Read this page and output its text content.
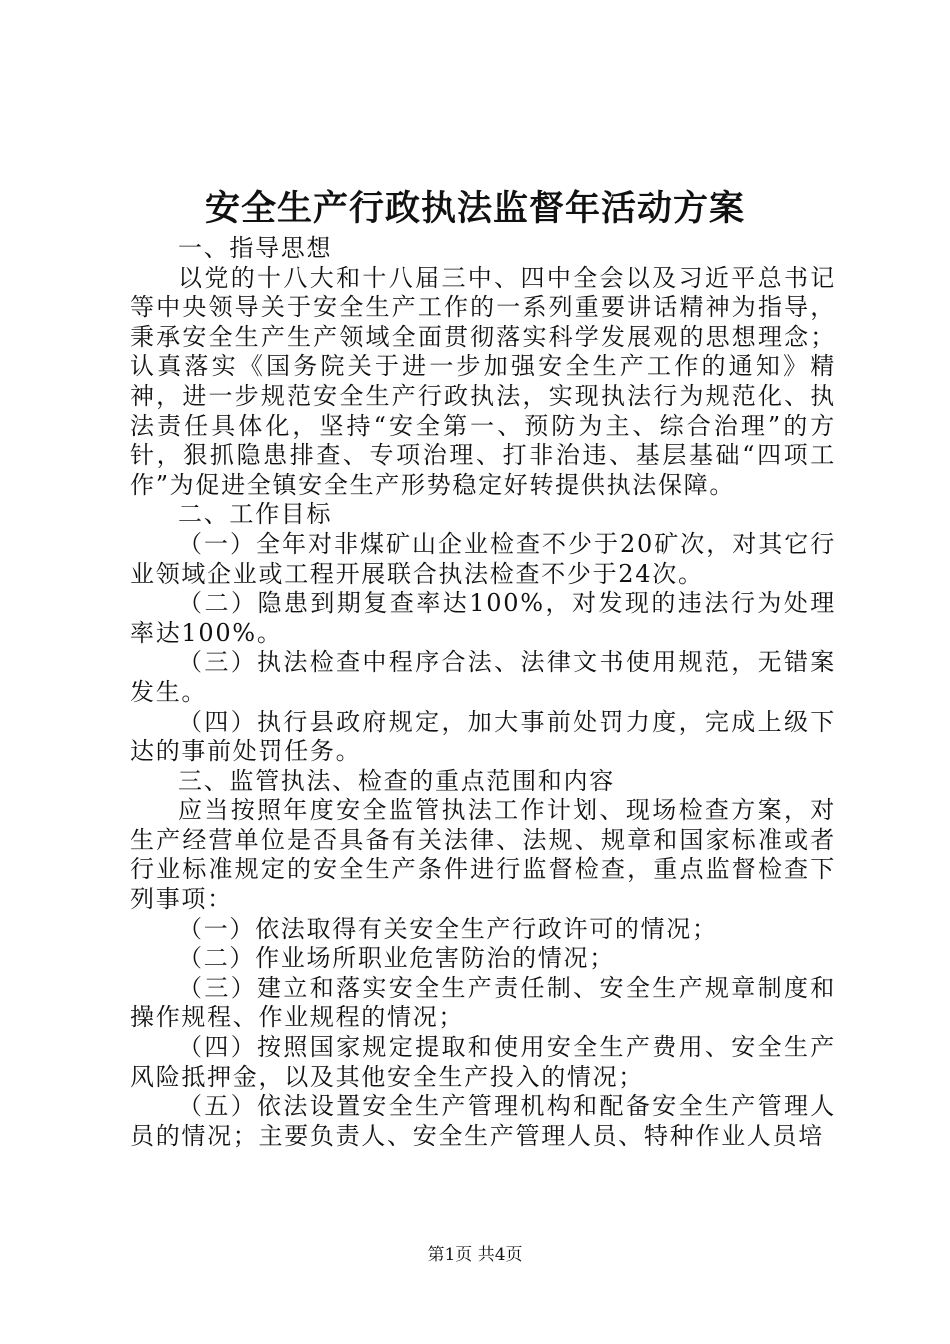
安全生产行政执法监督年活动方案

一、指导思想

以党的十八大和十八届三中、四中全会以及习近平总书记等中央领导关于安全生产工作的一系列重要讲话精神为指导，秉承安全生产生产领域全面贯彻落实科学发展观的思想理念；认真落实《国务院关于进一步加强安全生产工作的通知》精神，进一步规范安全生产行政执法，实现执法行为规范化、执法责任具体化，坚持“安全第一、预防为主、综合治理”的方针，狠抓隐患排查、专项治理、打非治违、基层基础“四项工作”为促进全镇安全生产形势稳定好转提供执法保障。

二、工作目标

（一）全年对非煤矿山企业检查不少于20矿次，对其它行业领域企业或工程开展联合执法检查不少于24次。

（二）隐患到期复查率达100%，对发现的违法行为处理率达100%。

（三）执法检查中程序合法、法律文书使用规范，无错案发生。

（四）执行县政府规定，加大事前处罚力度，完成上级下达的事前处罚任务。

三、监管执法、检查的重点范围和内容

应当按照年度安全监管执法工作计划、现场检查方案，对生产经营单位是否具备有关法律、法规、规章和国家标准或者行业标准规定的安全生产条件进行监督检查，重点监督检查下列事项：

（一）依法取得有关安全生产行政许可的情况；

（二）作业场所职业危害防治的情况；

（三）建立和落实安全生产责任制、安全生产规章制度和操作规程、作业规程的情况；

（四）按照国家规定提取和使用安全生产费用、安全生产风险抵押金，以及其他安全生产投入的情况；

（五）依法设置安全生产管理机构和配备安全生产管理人员的情况；主要负责人、安全生产管理人员、特种作业人员培

第1页 共4页
